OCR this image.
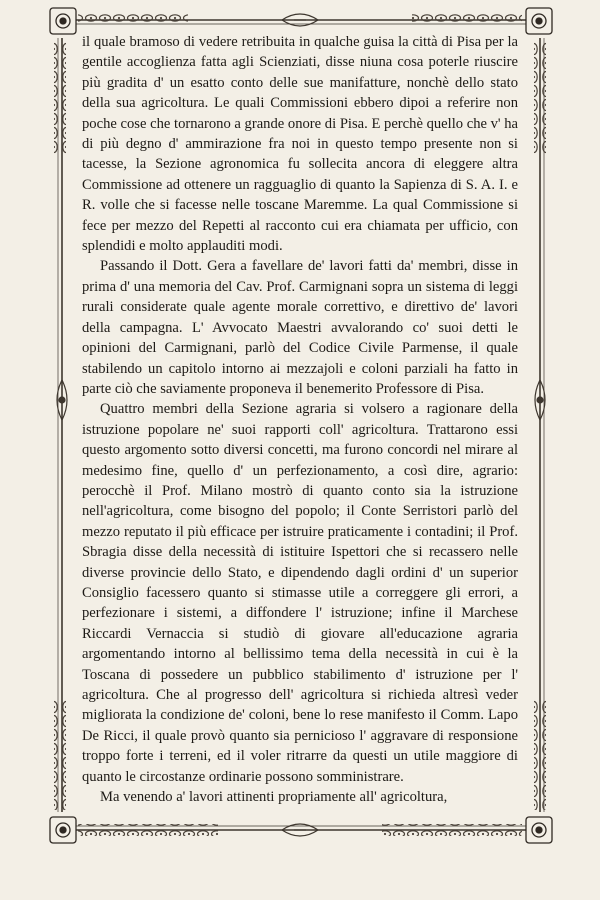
il quale bramoso di vedere retribuita in qualche guisa la città di Pisa per la gentile accoglienza fatta agli Scienziati, disse niuna cosa poterle riuscire più gradita d' un esatto conto delle sue manifatture, nonchè dello stato della sua agricoltura. Le quali Commissioni ebbero dipoi a referire non poche cose che tornarono a grande onore di Pisa. E perchè quello che v' ha di più degno d' ammirazione fra noi in questo tempo presente non si tacesse, la Sezione agronomica fu sollecita ancora di eleggere altra Commissione ad ottenere un ragguaglio di quanto la Sapienza di S. A. I. e R. volle che si facesse nelle toscane Maremme. La qual Commissione si fece per mezzo del Repetti al racconto cui era chiamata per ufficio, con splendidi e molto applauditi modi.

Passando il Dott. Gera a favellare de' lavori fatti da' membri, disse in prima d' una memoria del Cav. Prof. Carmignani sopra un sistema di leggi rurali considerate quale agente morale correttivo, e direttivo de' lavori della campagna. L' Avvocato Maestri avvalorando co' suoi detti le opinioni del Carmignani, parlò del Codice Civile Parmense, il quale stabilendo un capitolo intorno ai mezzajoli e coloni parziali ha fatto in parte ciò che saviamente proponeva il benemerito Professore di Pisa.

Quattro membri della Sezione agraria si volsero a ragionare della istruzione popolare ne' suoi rapporti coll' agricoltura. Trattarono essi questo argomento sotto diversi concetti, ma furono concordi nel mirare al medesimo fine, quello d' un perfezionamento, a così dire, agrario: perocchè il Prof. Milano mostrò di quanto conto sia la istruzione nell'agricoltura, come bisogno del popolo; il Conte Serristori parlò del mezzo reputato il più efficace per istruire praticamente i contadini; il Prof. Sbragia disse della necessità di istituire Ispettori che si recassero nelle diverse provincie dello Stato, e dipendendo dagli ordini d' un superior Consiglio facessero quanto si stimasse utile a correggere gli errori, a perfezionare i sistemi, a diffondere l' istruzione; infine il Marchese Riccardi Vernaccia si studiò di giovare all'educazione agraria argomentando intorno al bellissimo tema della necessità in cui è la Toscana di possedere un pubblico stabilimento d' istruzione per l' agricoltura. Che al progresso dell' agricoltura si richieda altresì veder migliorata la condizione de' coloni, bene lo rese manifesto il Comm. Lapo De Ricci, il quale provò quanto sia pernicioso l' aggravare di responsione troppo forte i terreni, ed il voler ritrarre da questi un utile maggiore di quanto le circostanze ordinarie possono somministrare.

Ma venendo a' lavori attinenti propriamente all' agricoltura,
